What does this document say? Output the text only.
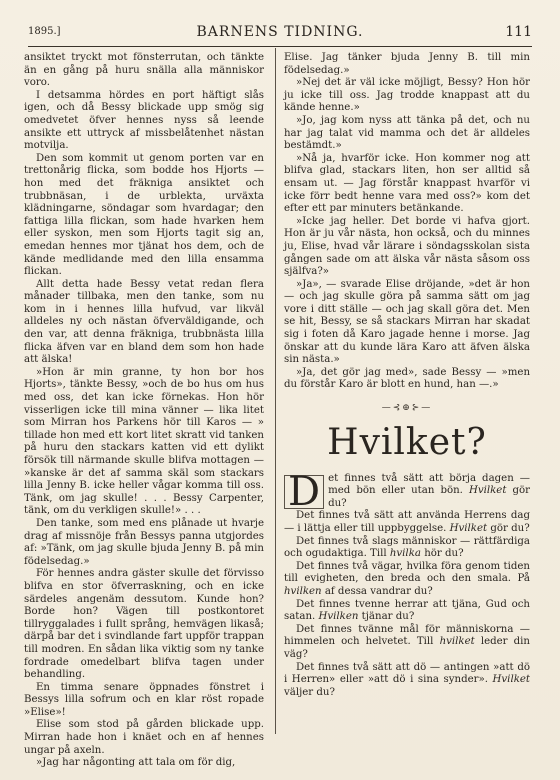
1895.]	BARNENS TIDNING.	111

ansiktet tryckt mot fönsterrutan, och tänkte än en gång på huru snälla alla människor voro.

I detsamma hördes en port häftigt slås igen, och då Bessy blickade upp smög sig omedvetet öfver hennes nyss så leende ansikte ett uttryck af missbelåtenhet nästan motvilja.

Den som kommit ut genom porten var en trettonårig flicka, som bodde hos Hjorts — hon med det fräkniga ansiktet och trubbnäsan, i de urblekta, urväxta klädningarne, söndagar som hvardagar; den fattiga lilla flickan, som hade hvarken hem eller syskon, men som Hjorts tagit sig an, emedan hennes mor tjänat hos dem, och de kände medlidande med den lilla ensamma flickan.

Allt detta hade Bessy vetat redan flera månader tillbaka, men den tanke, som nu kom in i hennes lilla hufvud, var likväl alldeles ny och nästan öfverväldigande, och den var, att denna fräkniga, trubbnästa lilla flicka äfven var en bland dem som hon hade att älska!

»Hon är min granne, ty hon bor hos Hjorts», tänkte Bessy, »och de bo hus om hus med oss, det kan icke förnekas. Hon hör visserligen icke till mina vänner — lika litet som Mirran hos Parkens hör till Karos — » tillade hon med ett kort litet skratt vid tanken på huru den stackars katten vid ett dylikt försök till närmande skulle blifva mottagen — »kanske är det af samma skäl som stackars lilla Jenny B. icke heller vågar komma till oss. Tänk, om jag skulle! . . . Bessy Carpenter, tänk, om du verkligen skulle!» . . .

Den tanke, som med ens plånade ut hvarje drag af missnöje från Bessys panna utgjordes af: »Tänk, om jag skulle bjuda Jenny B. på min födelsedag.»

För hennes andra gäster skulle det förvisso blifva en stor öfverraskning, och en icke särdeles angenäm dessutom. Kunde hon? Borde hon? Vägen till postkontoret tillryggalades i fullt språng, hemvägen likaså; därpå bar det i svindlande fart uppför trappan till modren. En sådan lika viktig som ny tanke fordrade omedelbart blifva tagen under behandling.

En timma senare öppnades fönstret i Bessys lilla sofrum och en klar röst ropade »Elise»!

Elise som stod på gården blickade upp. Mirran hade hon i knäet och en af hennes ungar på axeln.

»Jag har någonting att tala om för dig,

Elise. Jag tänker bjuda Jenny B. till min födelsedag.»

»Nej det är väl icke möjligt, Bessy? Hon hör ju icke till oss. Jag trodde knappast att du kände henne.»

»Jo, jag kom nyss att tänka på det, och nu har jag talat vid mamma och det är alldeles bestämdt.»

»Nå ja, hvarför icke. Hon kommer nog att blifva glad, stackars liten, hon ser alltid så ensam ut. — Jag förstår knappast hvarför vi icke förr bedt henne vara med oss?» kom det efter ett par minuters betänkande.

»Icke jag heller. Det borde vi hafva gjort. Hon är ju vår nästa, hon också, och du minnes ju, Elise, hvad vår lärare i söndagsskolan sista gången sade om att älska vår nästa såsom oss själfva?»

»Ja», — svarade Elise dröjande, »det är hon — och jag skulle göra på samma sätt om jag vore i ditt ställe — och jag skall göra det. Men se hit, Bessy, se så stackars Mirran har skadat sig i foten då Karo jagade henne i morse. Jag önskar att du kunde lära Karo att äfven älska sin nästa.»

»Ja, det gör jag med», sade Bessy — »men du förstår Karo är blott en hund, han —.»

—⊰⊕⊱—
Hvilket?

D et finnes två sätt att börja dagen — med bön eller utan bön. Hvilket gör du?

Det finnes två sätt att använda Herrens dag — i lättja eller till uppbyggelse. Hvilket gör du?

Det finnes två slags människor — rättfärdiga och ogudaktiga. Till hvilka hör du?

Det finnes två vägar, hvilka föra genom tiden till evigheten, den breda och den smala. På hvilken af dessa vandrar du?

Det finnes tvenne herrar att tjäna, Gud och satan. Hvilken tjänar du?

Det finnes tvänne mål för människorna — himmelen och helvetet. Till hvilket leder din väg?

Det finnes två sätt att dö — antingen »att dö i Herren» eller »att dö i sina synder». Hvilket väljer du?
